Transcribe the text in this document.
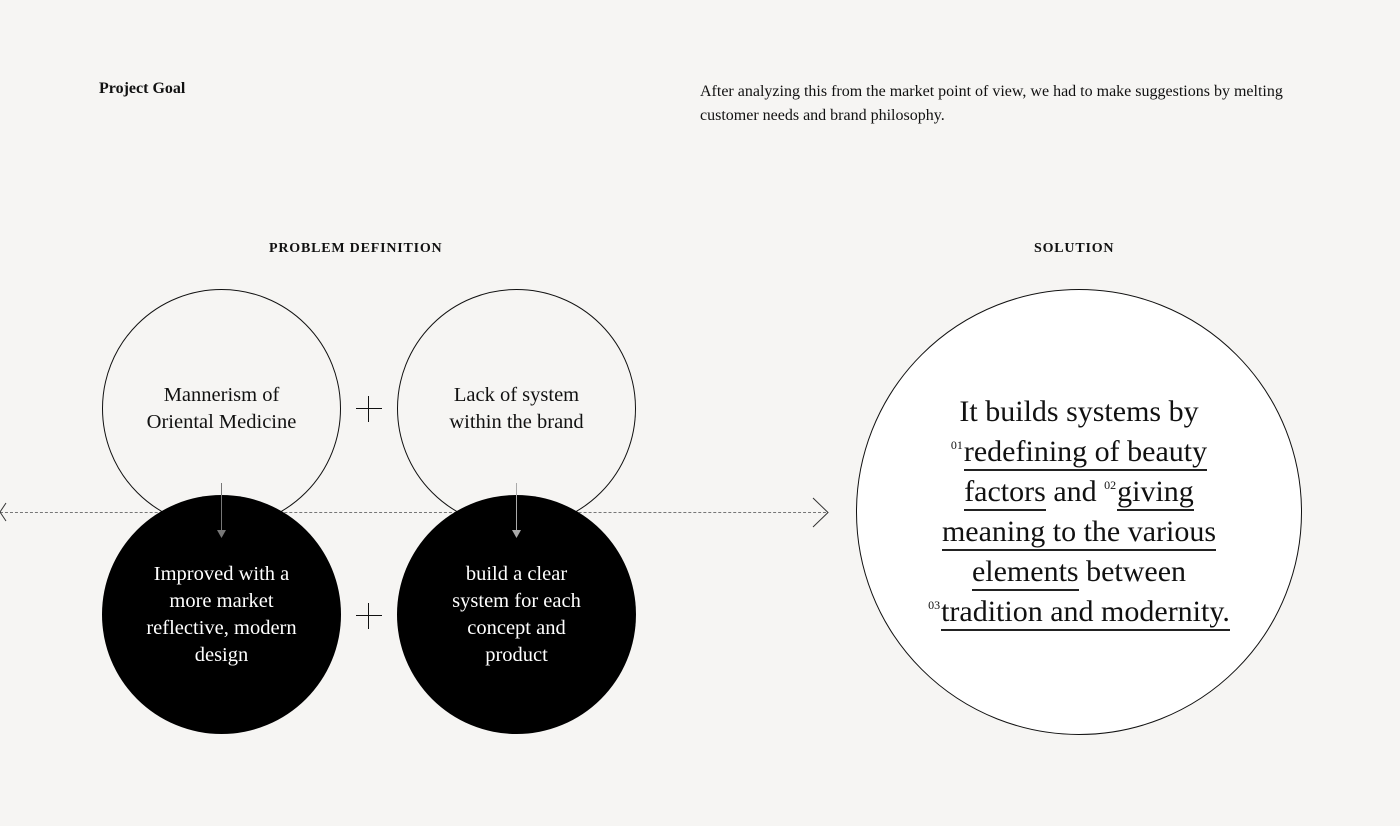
Project Goal	After analyzing this from the market point of view, we had to make suggestions by melting customer needs and brand philosophy.
PROBLEM DEFINITION	SOLUTION
Mannerism of Oriental Medicine
Lack of system within the brand
Improved with a more market reflective, modern design
build a clear system for each concept and product
It builds systems by
$^{01}$redefining of beauty factors and $^{02}$giving meaning to the various elements between $^{03}$tradition and modernity.
